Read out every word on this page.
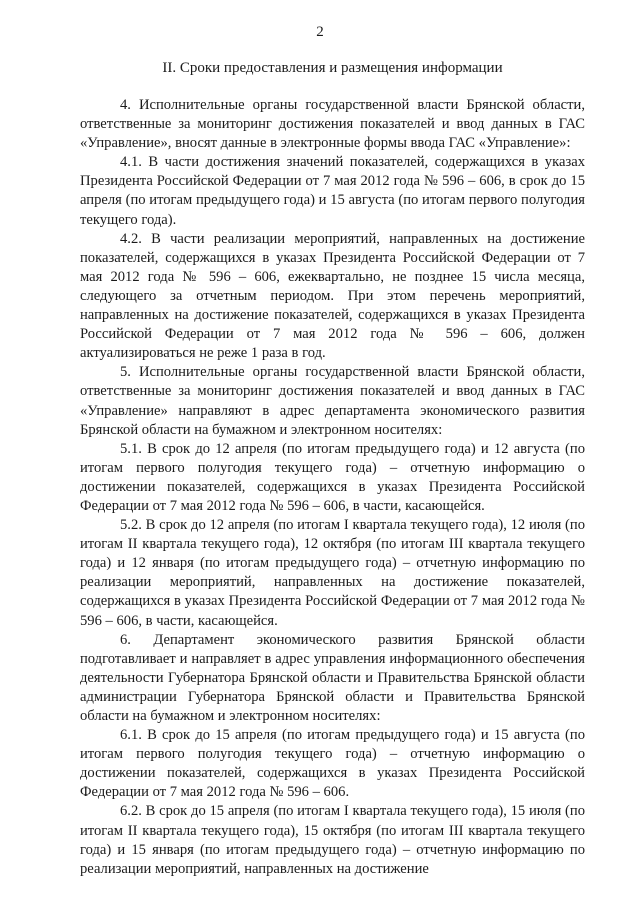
2
II. Сроки предоставления и размещения информации

4. Исполнительные органы государственной власти Брянской области, ответственные за мониторинг достижения показателей и ввод данных в ГАС «Управление», вносят данные в электронные формы ввода ГАС «Управление»:

4.1. В части достижения значений показателей, содержащихся в указах Президента Российской Федерации от 7 мая 2012 года № 596 – 606, в срок до 15 апреля (по итогам предыдущего года) и 15 августа (по итогам первого полугодия текущего года).

4.2. В части реализации мероприятий, направленных на достижение показателей, содержащихся в указах Президента Российской Федерации от 7 мая 2012 года № 596 – 606, ежеквартально, не позднее 15 числа месяца, следующего за отчетным периодом. При этом перечень мероприятий, направленных на достижение показателей, содержащихся в указах Президента Российской Федерации от 7 мая 2012 года № 596 – 606, должен актуализироваться не реже 1 раза в год.

5. Исполнительные органы государственной власти Брянской области, ответственные за мониторинг достижения показателей и ввод данных в ГАС «Управление» направляют в адрес департамента экономического развития Брянской области на бумажном и электронном носителях:

5.1. В срок до 12 апреля (по итогам предыдущего года) и 12 августа (по итогам первого полугодия текущего года) – отчетную информацию о достижении показателей, содержащихся в указах Президента Российской Федерации от 7 мая 2012 года № 596 – 606, в части, касающейся.

5.2. В срок до 12 апреля (по итогам I квартала текущего года), 12 июля (по итогам II квартала текущего года), 12 октября (по итогам III квартала текущего года) и 12 января (по итогам предыдущего года) – отчетную информацию по реализации мероприятий, направленных на достижение показателей, содержащихся в указах Президента Российской Федерации от 7 мая 2012 года № 596 – 606, в части, касающейся.

6. Департамент экономического развития Брянской области подготавливает и направляет в адрес управления информационного обеспечения деятельности Губернатора Брянской области и Правительства Брянской области администрации Губернатора Брянской области и Правительства Брянской области на бумажном и электронном носителях:

6.1. В срок до 15 апреля (по итогам предыдущего года) и 15 августа (по итогам первого полугодия текущего года) – отчетную информацию о достижении показателей, содержащихся в указах Президента Российской Федерации от 7 мая 2012 года № 596 – 606.

6.2. В срок до 15 апреля (по итогам I квартала текущего года), 15 июля (по итогам II квартала текущего года), 15 октября (по итогам III квартала текущего года) и 15 января (по итогам предыдущего года) – отчетную информацию по реализации мероприятий, направленных на достижение
